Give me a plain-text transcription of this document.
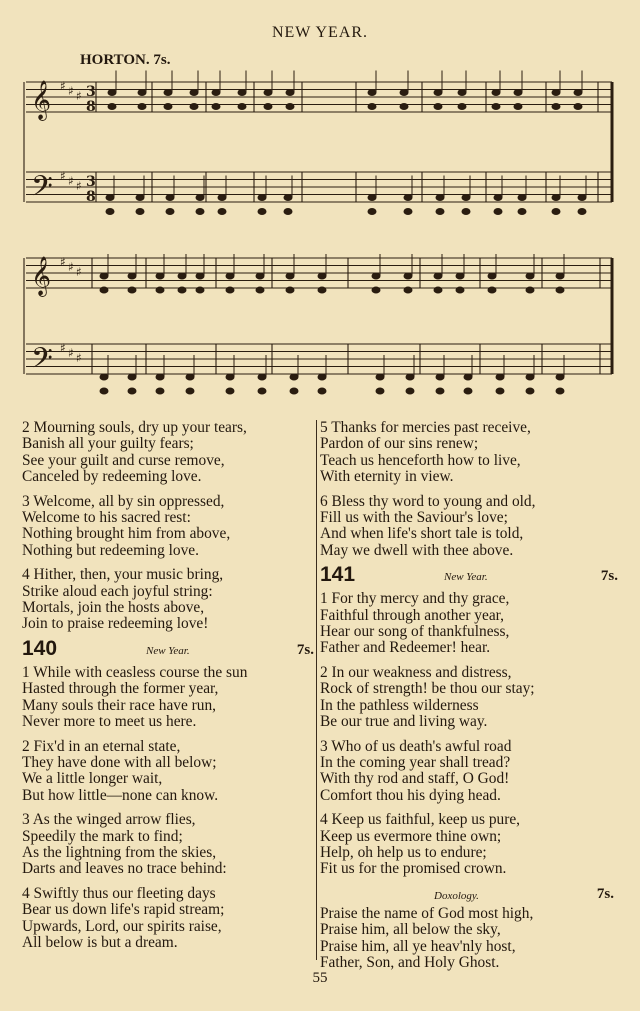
NEW YEAR.
HORTON. 7s.
𝄞
𝄢
𝄞
𝄢
♯ ♯ ♯
♯ ♯ ♯
♯ ♯ ♯
♯ ♯ ♯
3
8
3
8
2 Mourning souls, dry up your tears,
Banish all your guilty fears;
See your guilt and curse remove,
Canceled by redeeming love.
3 Welcome, all by sin oppressed,
Welcome to his sacred rest:
Nothing brought him from above,
Nothing but redeeming love.
4 Hither, then, your music bring,
Strike aloud each joyful string:
Mortals, join the hosts above,
Join to praise redeeming love!
140	New Year.	7s.
1 While with ceasless course the sun
Hasted through the former year,
Many souls their race have run,
Never more to meet us here.
2 Fix'd in an eternal state,
They have done with all below;
We a little longer wait,
But how little—none can know.
3 As the winged arrow flies,
Speedily the mark to find;
As the lightning from the skies,
Darts and leaves no trace behind:
4 Swiftly thus our fleeting days
Bear us down life's rapid stream;
Upwards, Lord, our spirits raise,
All below is but a dream.
5 Thanks for mercies past receive,
Pardon of our sins renew;
Teach us henceforth how to live,
With eternity in view.
6 Bless thy word to young and old,
Fill us with the Saviour's love;
And when life's short tale is told,
May we dwell with thee above.
141	New Year.	7s.
1 For thy mercy and thy grace,
Faithful through another year,
Hear our song of thankfulness,
Father and Redeemer! hear.
2 In our weakness and distress,
Rock of strength! be thou our stay;
In the pathless wilderness
Be our true and living way.
3 Who of us death's awful road
In the coming year shall tread?
With thy rod and staff, O God!
Comfort thou his dying head.
4 Keep us faithful, keep us pure,
Keep us evermore thine own;
Help, oh help us to endure;
Fit us for the promised crown.
Doxology.	7s.
Praise the name of God most high,
Praise him, all below the sky,
Praise him, all ye heav'nly host,
Father, Son, and Holy Ghost.
55
